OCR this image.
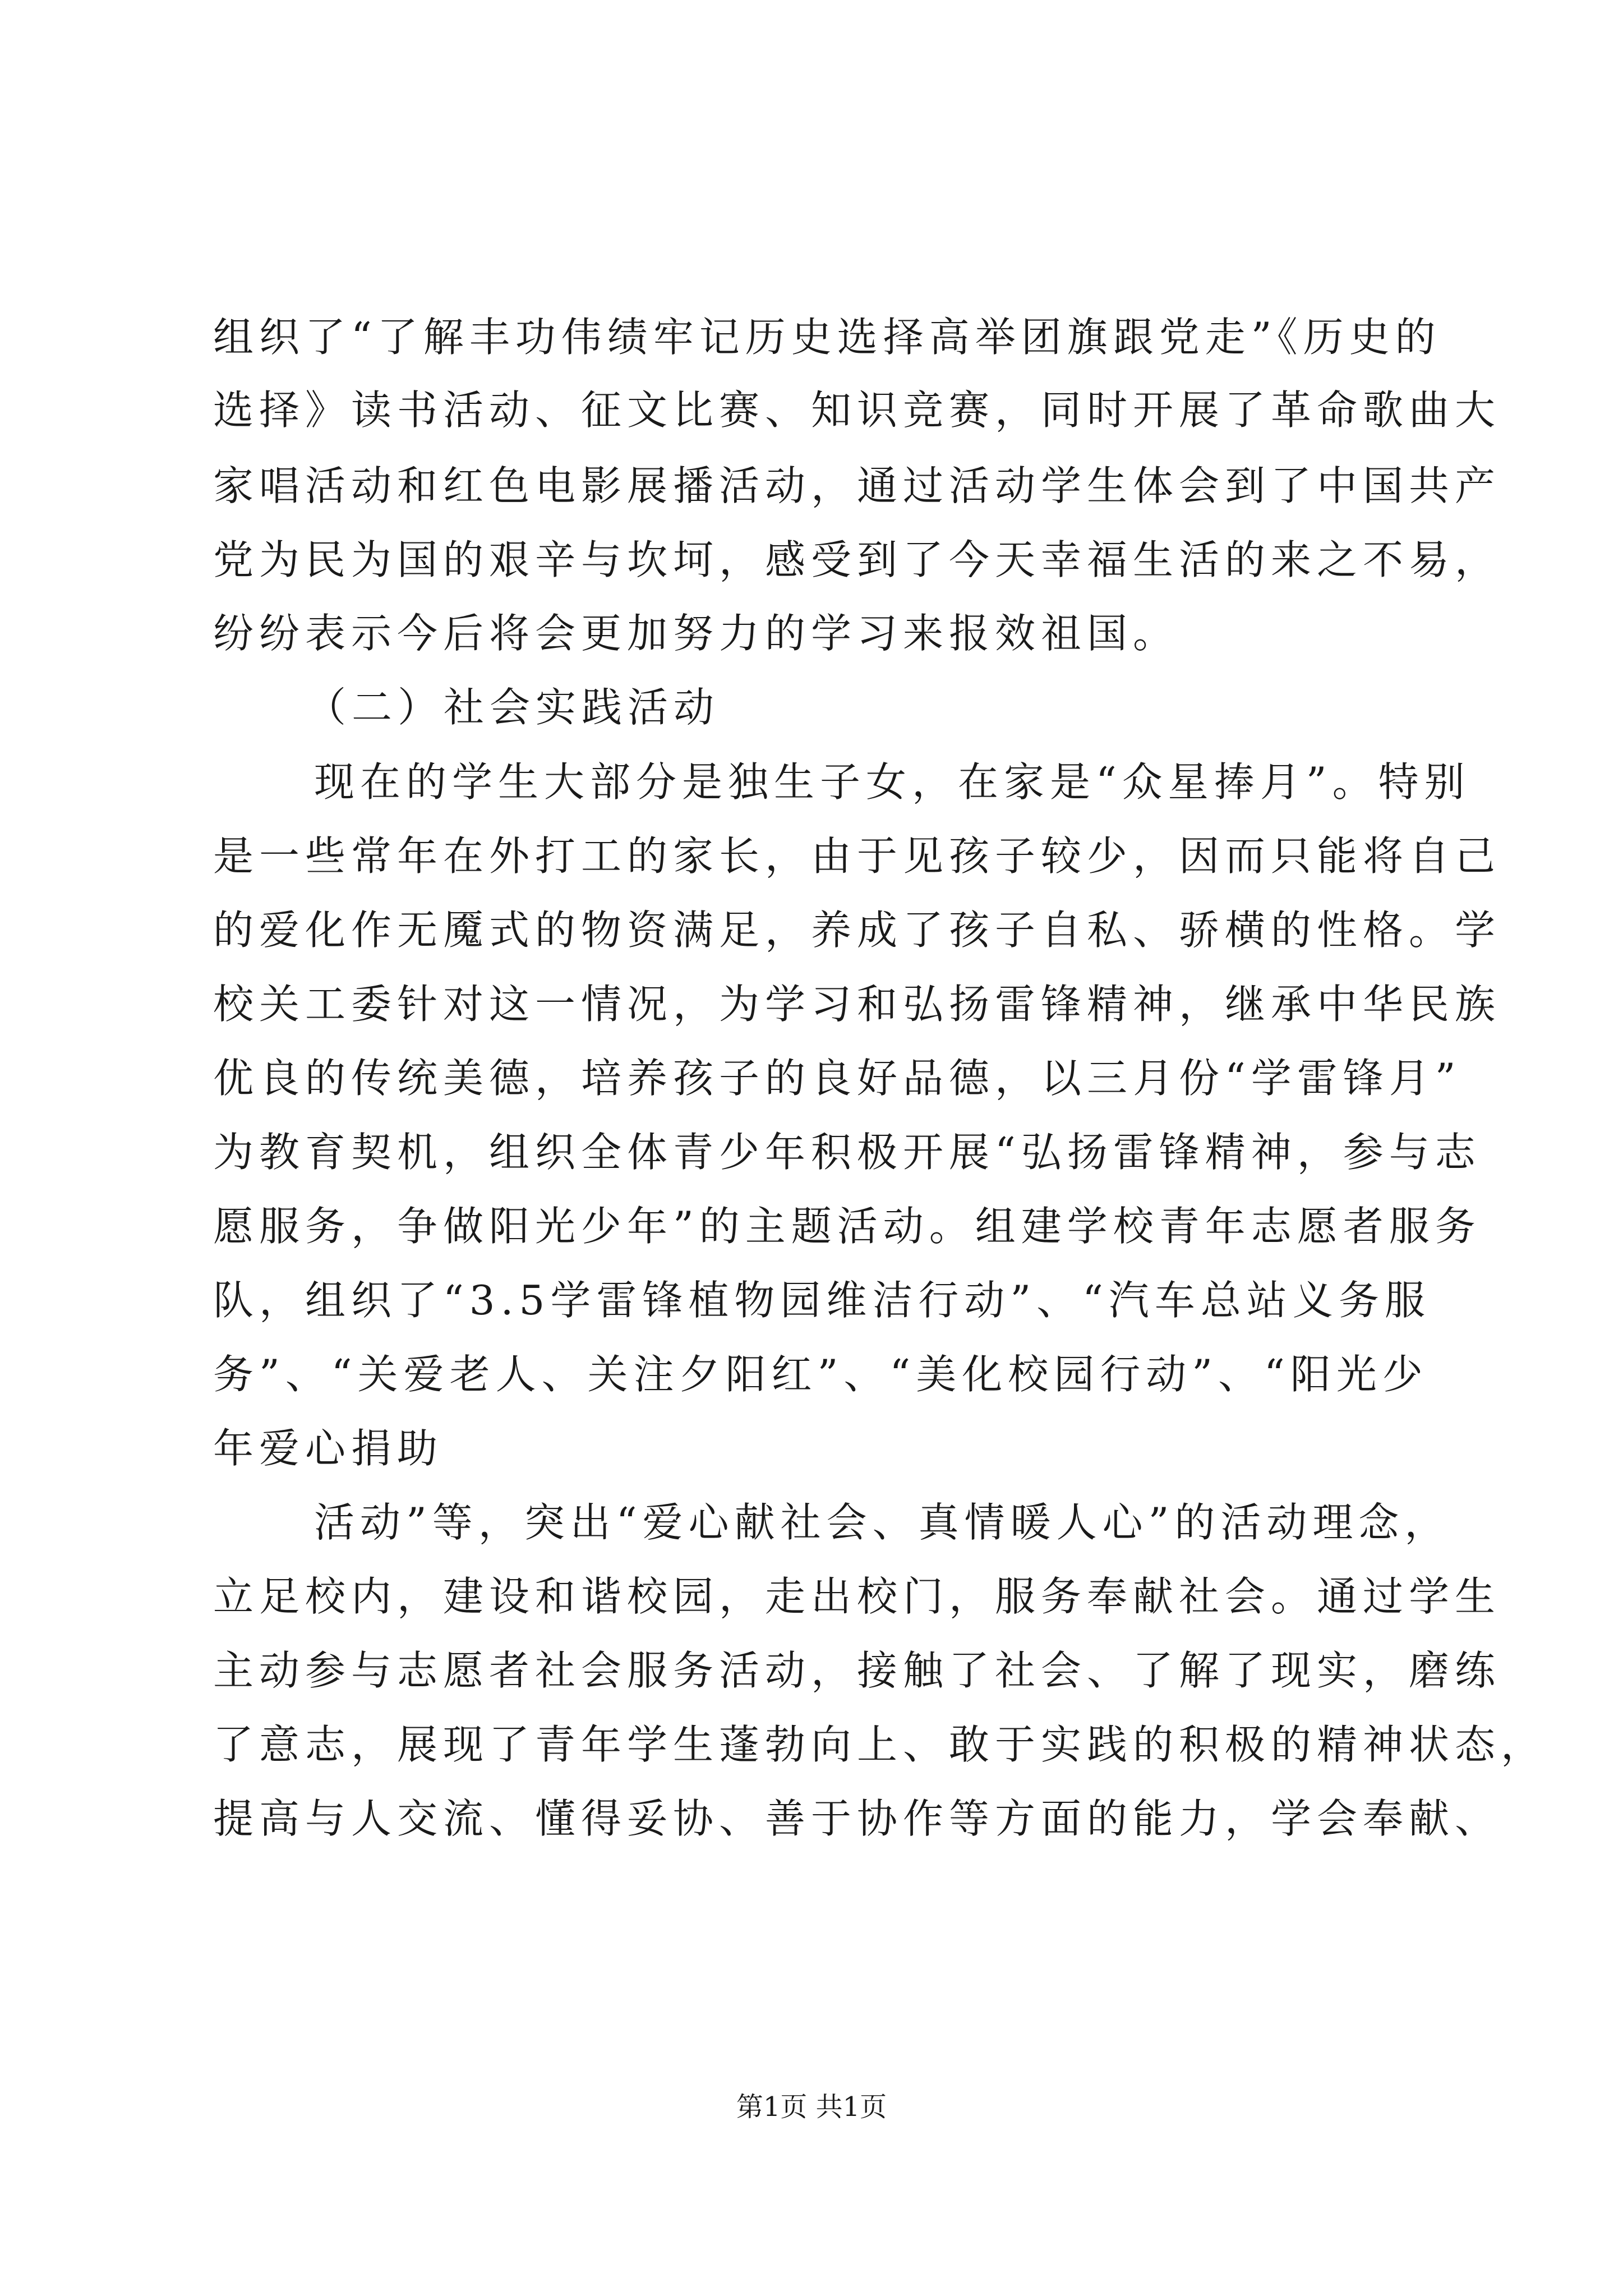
组织了“了解丰功伟绩牢记历史选择高举团旗跟党走”《历史的
选择》读书活动、征文比赛、知识竞赛，同时开展了革命歌曲大
家唱活动和红色电影展播活动，通过活动学生体会到了中国共产
党为民为国的艰辛与坎坷，感受到了今天幸福生活的来之不易，
纷纷表示今后将会更加努力的学习来报效祖国。
（二）社会实践活动
现在的学生大部分是独生子女，在家是“众星捧月”。特别
是一些常年在外打工的家长，由于见孩子较少，因而只能将自己
的爱化作无魇式的物资满足，养成了孩子自私、骄横的性格。学
校关工委针对这一情况，为学习和弘扬雷锋精神，继承中华民族
优良的传统美德，培养孩子的良好品德，以三月份“学雷锋月”
为教育契机，组织全体青少年积极开展“弘扬雷锋精神，参与志
愿服务，争做阳光少年”的主题活动。组建学校青年志愿者服务
队，组织了“3.5学雷锋植物园维洁行动”、“汽车总站义务服
务”、“关爱老人、关注夕阳红”、“美化校园行动”、“阳光少
年爱心捐助
活动”等，突出“爱心献社会、真情暖人心”的活动理念，
立足校内，建设和谐校园，走出校门，服务奉献社会。通过学生
主动参与志愿者社会服务活动，接触了社会、了解了现实，磨练
了意志，展现了青年学生蓬勃向上、敢于实践的积极的精神状态，
提高与人交流、懂得妥协、善于协作等方面的能力，学会奉献、
第1页 共1页
